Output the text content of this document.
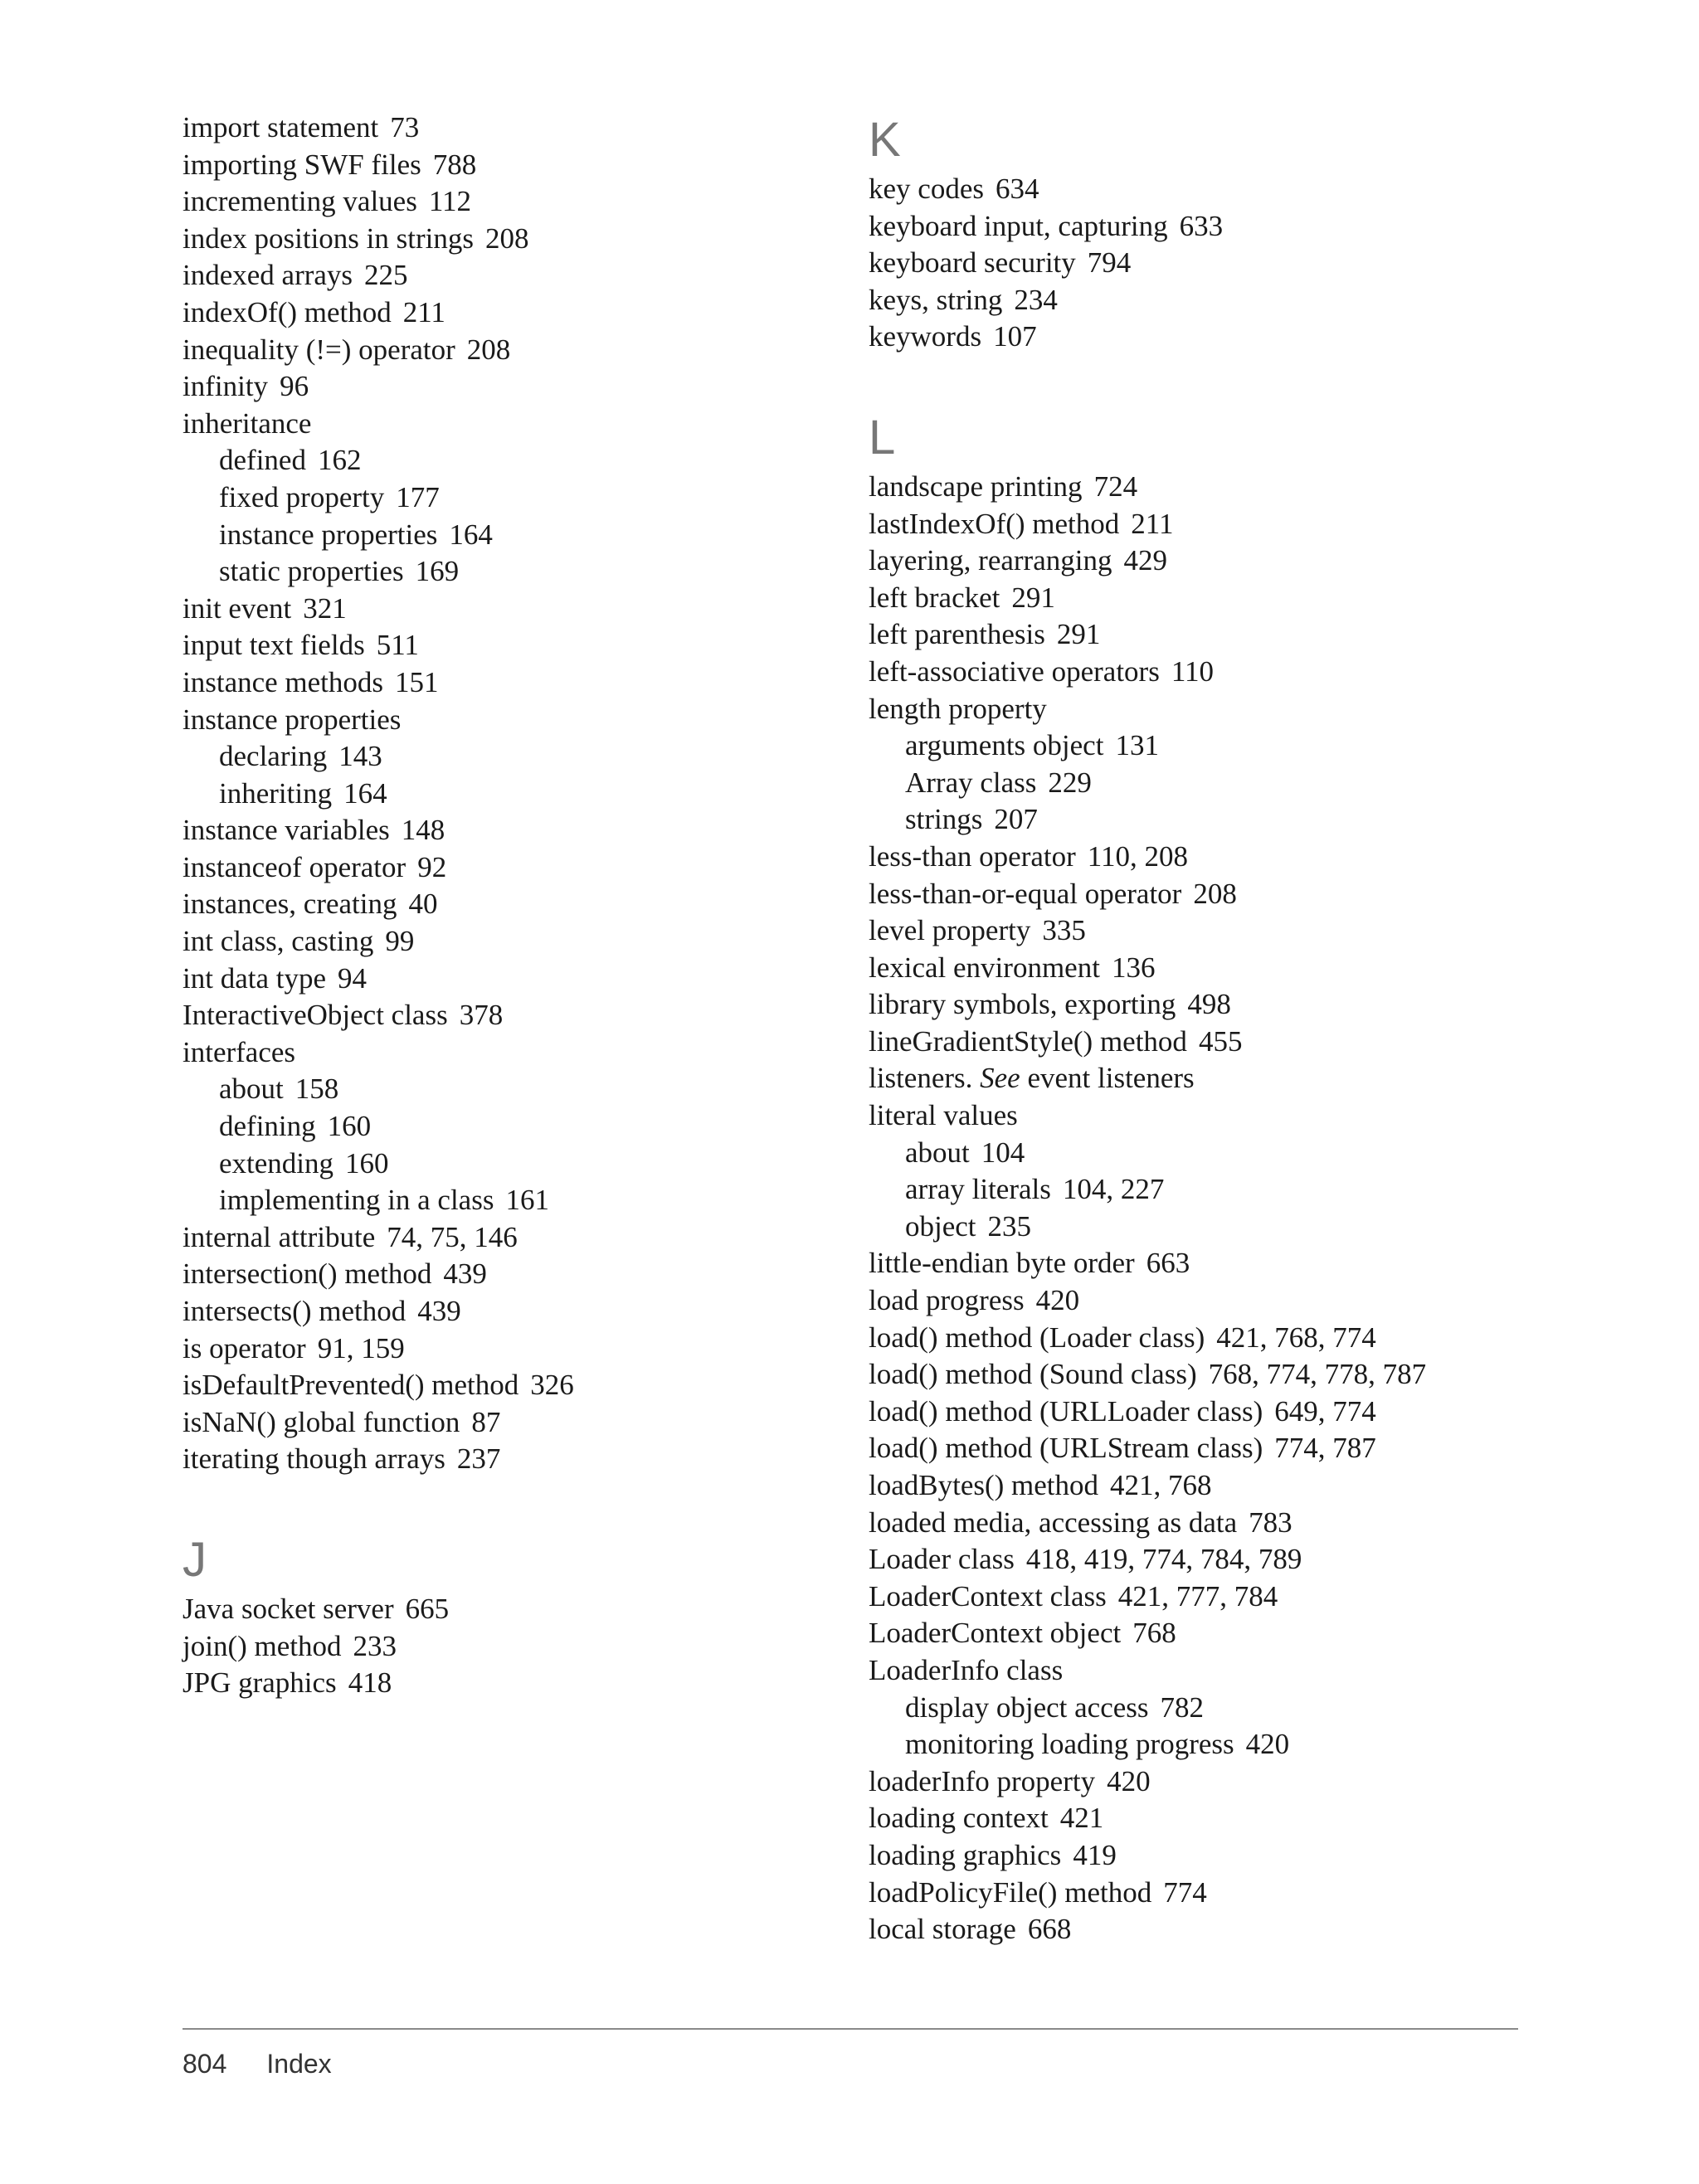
import statement 73
importing SWF files 788
incrementing values 112
index positions in strings 208
indexed arrays 225
indexOf() method 211
inequality (!=) operator 208
infinity 96
inheritance
defined 162
fixed property 177
instance properties 164
static properties 169
init event 321
input text fields 511
instance methods 151
instance properties
declaring 143
inheriting 164
instance variables 148
instanceof operator 92
instances, creating 40
int class, casting 99
int data type 94
InteractiveObject class 378
interfaces
about 158
defining 160
extending 160
implementing in a class 161
internal attribute 74, 75, 146
intersection() method 439
intersects() method 439
is operator 91, 159
isDefaultPrevented() method 326
isNaN() global function 87
iterating though arrays 237
J
Java socket server 665
join() method 233
JPG graphics 418
K
key codes 634
keyboard input, capturing 633
keyboard security 794
keys, string 234
keywords 107
L
landscape printing 724
lastIndexOf() method 211
layering, rearranging 429
left bracket 291
left parenthesis 291
left-associative operators 110
length property
arguments object 131
Array class 229
strings 207
less-than operator 110, 208
less-than-or-equal operator 208
level property 335
lexical environment 136
library symbols, exporting 498
lineGradientStyle() method 455
listeners. See event listeners
literal values
about 104
array literals 104, 227
object 235
little-endian byte order 663
load progress 420
load() method (Loader class) 421, 768, 774
load() method (Sound class) 768, 774, 778, 787
load() method (URLLoader class) 649, 774
load() method (URLStream class) 774, 787
loadBytes() method 421, 768
loaded media, accessing as data 783
Loader class 418, 419, 774, 784, 789
LoaderContext class 421, 777, 784
LoaderContext object 768
LoaderInfo class
display object access 782
monitoring loading progress 420
loaderInfo property 420
loading context 421
loading graphics 419
loadPolicyFile() method 774
local storage 668
804 Index
